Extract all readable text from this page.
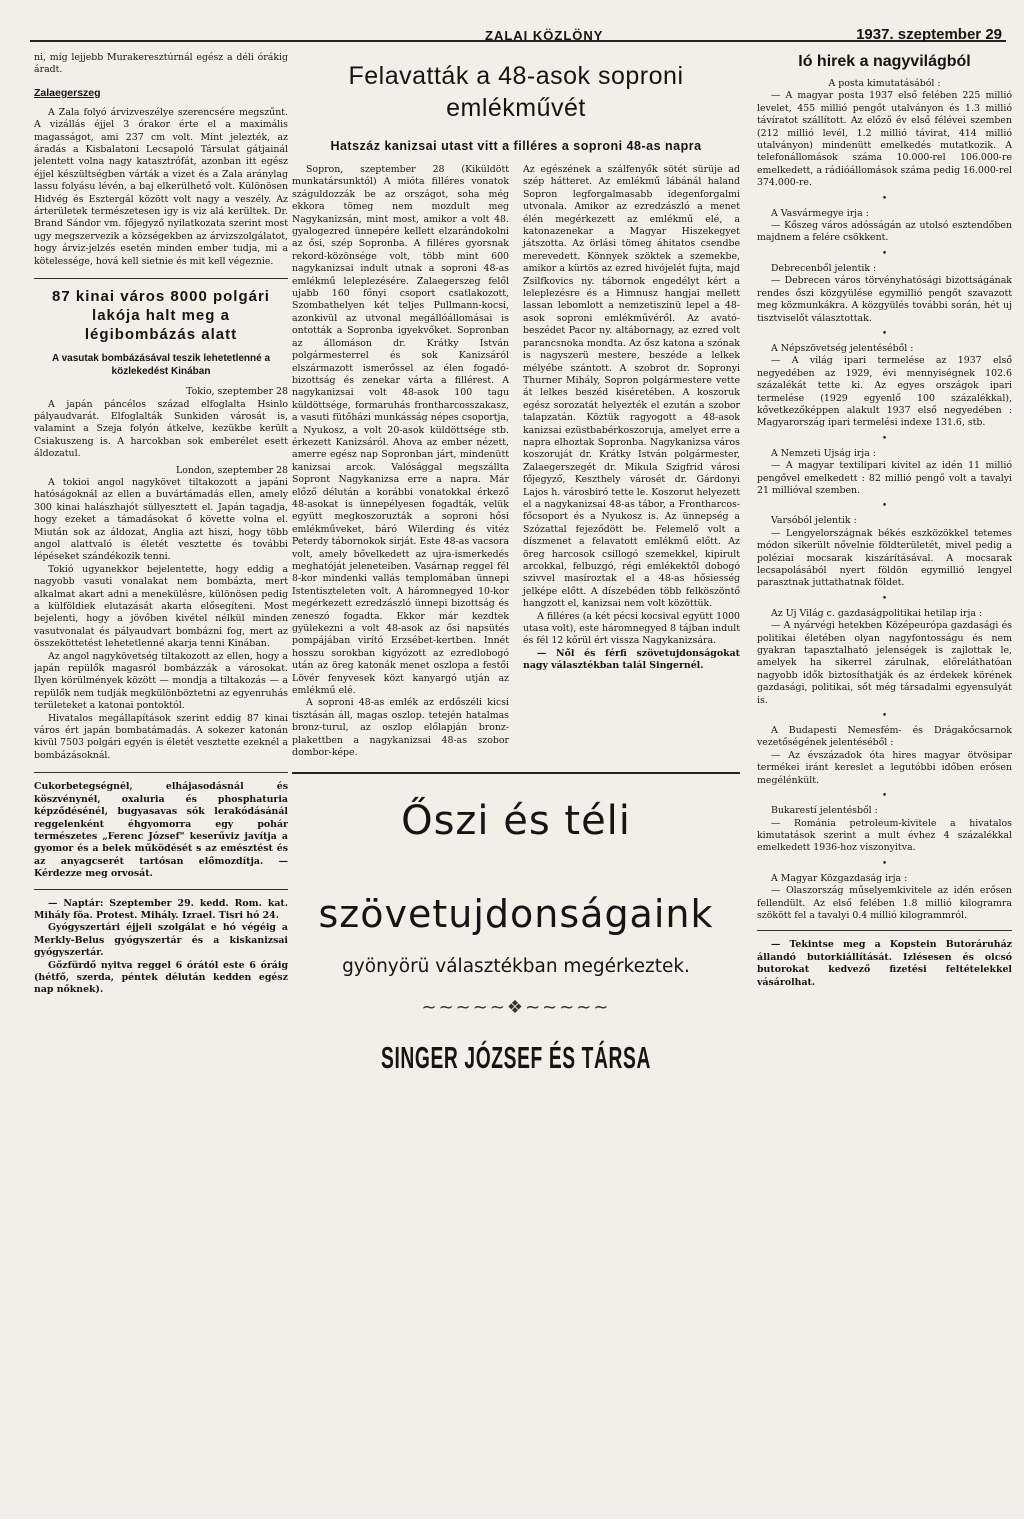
ZALAI KÖZLÖNY	1937. szeptember 29

ni, míg lejjebb Murakeresztúrnál egész a déli órákig áradt.

Zalaegerszeg

A Zala folyó árvizveszélye szerencsére megszűnt. A vizállás éjjel 3 órakor érte el a maximális magasságot, ami 237 cm volt. Mint jelezték, az áradás a Kisbalatoni Lecsapoló Társulat gátjainál jelentett volna nagy katasztrófát, azonban itt egész éjjel készültségben várták a vizet és a Zala aránylag lassu folyásu lévén, a baj elkerülhető volt. Különösen Hidvég és Esztergál között volt nagy a veszély. Az árterületek természetesen igy is viz alá kerültek. Dr. Brand Sándor vm. főjegyző nyilatkozata szerint most ugy megszervezik a községekben az árvizszolgálatot, hogy árviz-jelzés esetén minden ember tudja, mi a kötelessége, hová kell sietnie és mit kell végeznie.

87 kinai város 8000 polgári lakója halt meg a légibombázás alatt
A vasutak bombázásával teszik lehetetlenné a közlekedést Kinában
Tokio, szeptember 28

A japán páncélos század elfoglalta Hsinlo pályaudvarát. Elfoglalták Sunkiden városát is, valamint a Szeja folyón átkelve, kezükbe került Csiakuszeng is. A harcokban sok emberélet esett áldozatul.

London, szeptember 28

A tokioi angol nagykövet tiltakozott a japáni hatóságoknál az ellen a buvártámadás ellen, amely 300 kinai halászhajót süllyesztett el. Japán tagadja, hogy ezeket a támadásokat ő követte volna el. Miután sok az áldozat, Anglia azt hiszi, hogy több angol alattvaló is életét vesztette és további lépéseket szándékozik tenni.

Tokió ugyanekkor bejelentette, hogy eddig a nagyobb vasuti vonalakat nem bombázta, mert alkalmat akart adni a menekülésre, különösen pedig a külföldiek elutazását akarta elősegíteni. Most bejelenti, hogy a jövőben kivétel nélkül minden vasutvonalat és pályaudvart bombázni fog, mert az összeköttetést lehetetlenné akarja tenni Kinában.

Az angol nagykövetség tiltakozott az ellen, hogy a japán repülők magasról bombázzák a városokat. Ilyen körülmények között — mondja a tiltakozás — a repülők nem tudják megkülönböztetni az egyenruhás területeket a katonai pontoktól.

Hivatalos megállapítások szerint eddig 87 kinai város ért japán bombatámadás. A sokezer katonán kivül 7503 polgári egyén is életét vesztette ezeknél a bombázásoknál.

Cukorbetegségnél, elhájasodásnál és köszvénynél, oxaluria és phosphaturia képződésénél, bugyasavas sók lerakódásánál reggelenként éhgyomorra egy pohár természetes „Ferenc József" keserűviz javítja a gyomor és a belek működését s az emésztést és az anyagcserét tartósan előmozdítja. — Kérdezze meg orvosát.

— Naptár: Szeptember 29. kedd. Rom. kat. Mihály fõa. Protest. Mihály. Izrael. Tisri hó 24.

Gyógyszertári éjjeli szolgálat e hó végéig a Merkly-Belus gyógyszertár és a kiskanizsai gyógyszertár.

Gőzfürdő nyitva reggel 6 órától este 6 óráig (hétfő, szerda, péntek délután kedden egész nap nőknek).

Felavatták a 48-asok soproni emlékművét
Hatszáz kanizsai utast vitt a filléres a soproni 48-as napra

Sopron, szeptember 28 (Kiküldött munkatársunktól) A mióta filléres vonatok száguldozzák be az országot, soha még ekkora tömeg nem mozdult meg Nagykanizsán, mint most, amikor a volt 48. gyalogezred ünnepére kellett elzarándokolni az ősi, szép Sopronba. A filléres gyorsnak rekord-közönsége volt, több mint 600 nagykanizsai indult utnak a soproni 48-as emlékmű leleplezésére. Zalaegerszeg felől ujabb 160 főnyi csoport csatlakozott, Szombathelyen két teljes Pullmann-kocsi, azonkivül az utvonal megállóállomásai is ontották a Sopronba igyekvőket. Sopronban az állomáson dr. Krátky István polgármesterrel és sok Kanizsáról elszármazott ismerőssel az élen fogadó-bizottság és zenekar várta a fillérest. A nagykanizsai volt 48-asok 100 tagu küldöttsége, formaruhás frontharcosszakasz, a vasuti fütőházi munkásság népes csoportja, a Nyukosz, a volt 20-asok küldöttsége stb. érkezett Kanizsáról. Ahova az ember nézett, amerre egész nap Sopronban járt, mindenütt kanizsai arcok. Valósággal megszállta Sopront Nagykanizsa erre a napra. Már előző délután a korábbi vonatokkal érkező 48-asokat is ünnepélyesen fogadták, velük együtt megkoszoruzták a soproni hősi emlékműveket, báró Wilerding és vitéz Peterdy tábornokok sirját. Este 48-as vacsora volt, amely bővelkedett az ujra-ismerkedés meghatóját jeleneteiben. Vasárnap reggel fél 8-kor mindenki vallás templomában ünnepi Istentiszteleten volt. A háromnegyed 10-kor megérkezett ezredzászló ünnepi bizottság és zeneszó fogadta. Ekkor már kezdtek gyülekezni a volt 48-asok az ősi napsütés pompájában virító Erzsébet-kertben. Innét hosszu sorokban kigyózott az ezredlobogó után az öreg katonák menet oszlopa a festői Lövér fenyvesek közt kanyargó utján az emlékmű elé.

A soproni 48-as emlék az erdőszéli kicsi tisztásán áll, magas oszlop. tetején hatalmas bronz-turul, az oszlop előlapján bronz-plakettben a nagykanizsai 48-as szobor dombor-képe.

Az egészének a szálfenyők sötét sürüje ad szép hátteret. Az emlékmű lábánál haland Sopron legforgalmasabb idegenforgalmi utvonala. Amikor az ezredzászló a menet élén megérkezett az emlékmű elé, a katonazenekar a Magyar Hiszekegyet játszotta. Az örlási tömeg áhitatos csendbe merevedett. Könnyek szöktek a szemekbe, amikor a kürtös az ezred hivójelét fujta, majd Zsilfkovics ny. tábornok engedélyt kért a leleplezésre és a Himnusz hangjai mellett lassan lebomlott a nemzetiszinü lepel a 48-asok soproni emlékművéről. Az avató-beszédet Pacor ny. altábornagy, az ezred volt parancsnoka mondta. Az ősz katona a szónak is nagyszerü mestere, beszéde a lelkek mélyébe szántott. A szobrot dr. Sopronyi Thurner Mihály, Sopron polgármestere vette át lelkes beszéd kiséretében. A koszoruk egész sorozatát helyezték el ezután a szobor talapzatán. Köztük ragyogott a 48-asok kanizsai ezüstbabérkoszoruja, amelyet erre a napra elhoztak Sopronba. Nagykanizsa város koszoruját dr. Krátky István polgármester, Zalaegerszegét dr. Mikula Szigfrid városi főjegyző, Keszthely városét dr. Gárdonyi Lajos h. városbiró tette le. Koszorut helyezett el a nagykanizsai 48-as tábor, a Frontharcos-főcsoport és a Nyukosz is. Az ünnepség a Szózattal fejeződött be. Felemelő volt a díszmenet a felavatott emlékmű előtt. Az öreg harcosok csillogó szemekkel, kipirult arcokkal, felbuzgó, régi emlékektől dobogó szivvel masíroztak el a 48-as hősiesség jelképe előtt. A díszebéden több felköszöntő hangzott el, kanizsai nem volt közöttük.

A filléres (a két pécsi kocsival együtt 1000 utasa volt), este háromnegyed 8 tájban indult és fél 12 kőrül ért vissza Nagykanizsára.

— Nől és férfi szövetujdonságokat nagy választékban talál Singernél.

Őszi és téli
szövetujdonságaink
gyönyörü választékban megérkeztek.
~~~~~❖~~~~~
SINGER JÓZSEF ÉS TÁRSA
Ió hirek a nagyvilágból

A posta kimutatásából :

— A magyar posta 1937 első felében 225 millió levelet, 455 millió pengőt utalványon és 1.3 millió távíratot szállított. Az előző év első félévei szemben (212 millió levél, 1.2 millió távirat, 414 millió utalványon) mindenütt emelkedés mutatkozik. A telefonállomások száma 10.000-rel 106.000-re emelkedett, a rádióállomások száma pedig 16.000-rel 374.000-re.

•

A Vasvármegye irja :

— Kőszeg város adósságán az utolsó esztendőben majdnem a felére csökkent.

•

Debrecenből jelentik :

— Debrecen város törvényhatósági bizottságának rendes őszi közgyülése egymillió pengőt szavazott meg közmunkákra. A közgyülés további során, hét uj tisztviselőt választottak.

•

A Népszövetség jelentéséből :

— A világ ipari termelése az 1937 első negyedében az 1929, évi mennyiségnek 102.6 százalékát tette ki. Az egyes országok ipari termelése (1929 egyenlő 100 százalékkal), kővetkezőképpen alakult 1937 első negyedében : Magyarország ipari termelési indexe 131.6, stb.

•

A Nemzeti Ujság irja :

— A magyar textilipari kivitel az idén 11 millió pengővel emelkedett : 82 millió pengő volt a tavalyi 21 millióval szemben.

•

Varsóból jelentik :

— Lengyelországnak békés eszközökkel tetemes módon sikerült nővelnie földterületét, mivel pedig a poléziai mocsarak kiszárításával. A mocsarak lecsapolásából nyert földön egymillió lengyel parasztnak juttathatnak földet.

•

Az Uj Világ c. gazdaságpolitikai hetilap irja :

— A nyárvégi hetekben Középeurópa gazdasági és politikai életében olyan nagyfontosságu és nem gyakran tapasztalható jelenségek is zajlottak le, amelyek ha sikerrel zárulnak, előreláthatóan nagyobb idők biztosíthatják és az érdekek körének gazdasági, politikai, sőt még társadalmi egyensulyát is.

•

A Budapesti Nemesfém- és Drágakőcsarnok vezetőségének jelentéséből :

— Az évszázadok óta hires magyar ötvösipar termékei iránt kereslet a legutóbbi időben erősen megélénkült.

•

Bukarestí jelentésből :

— Románia petroleum-kivitele a hivatalos kimutatások szerint a mult évhez 4 százalékkal emelkedett 1936-hoz viszonyitva.

•

A Magyar Közgazdaság irja :

— Olaszország műselyemkivitele az idén erősen fellendült. Az első felében 1.8 millió kilogramra szökött fel a tavalyi 0.4 millió kilogrammról.

— Tekintse meg a Kopstein Butoráruház állandó butorkiállítását. Izlésesen és olcsó butorokat kedvező fizetési feltételekkel vásárolhat.
